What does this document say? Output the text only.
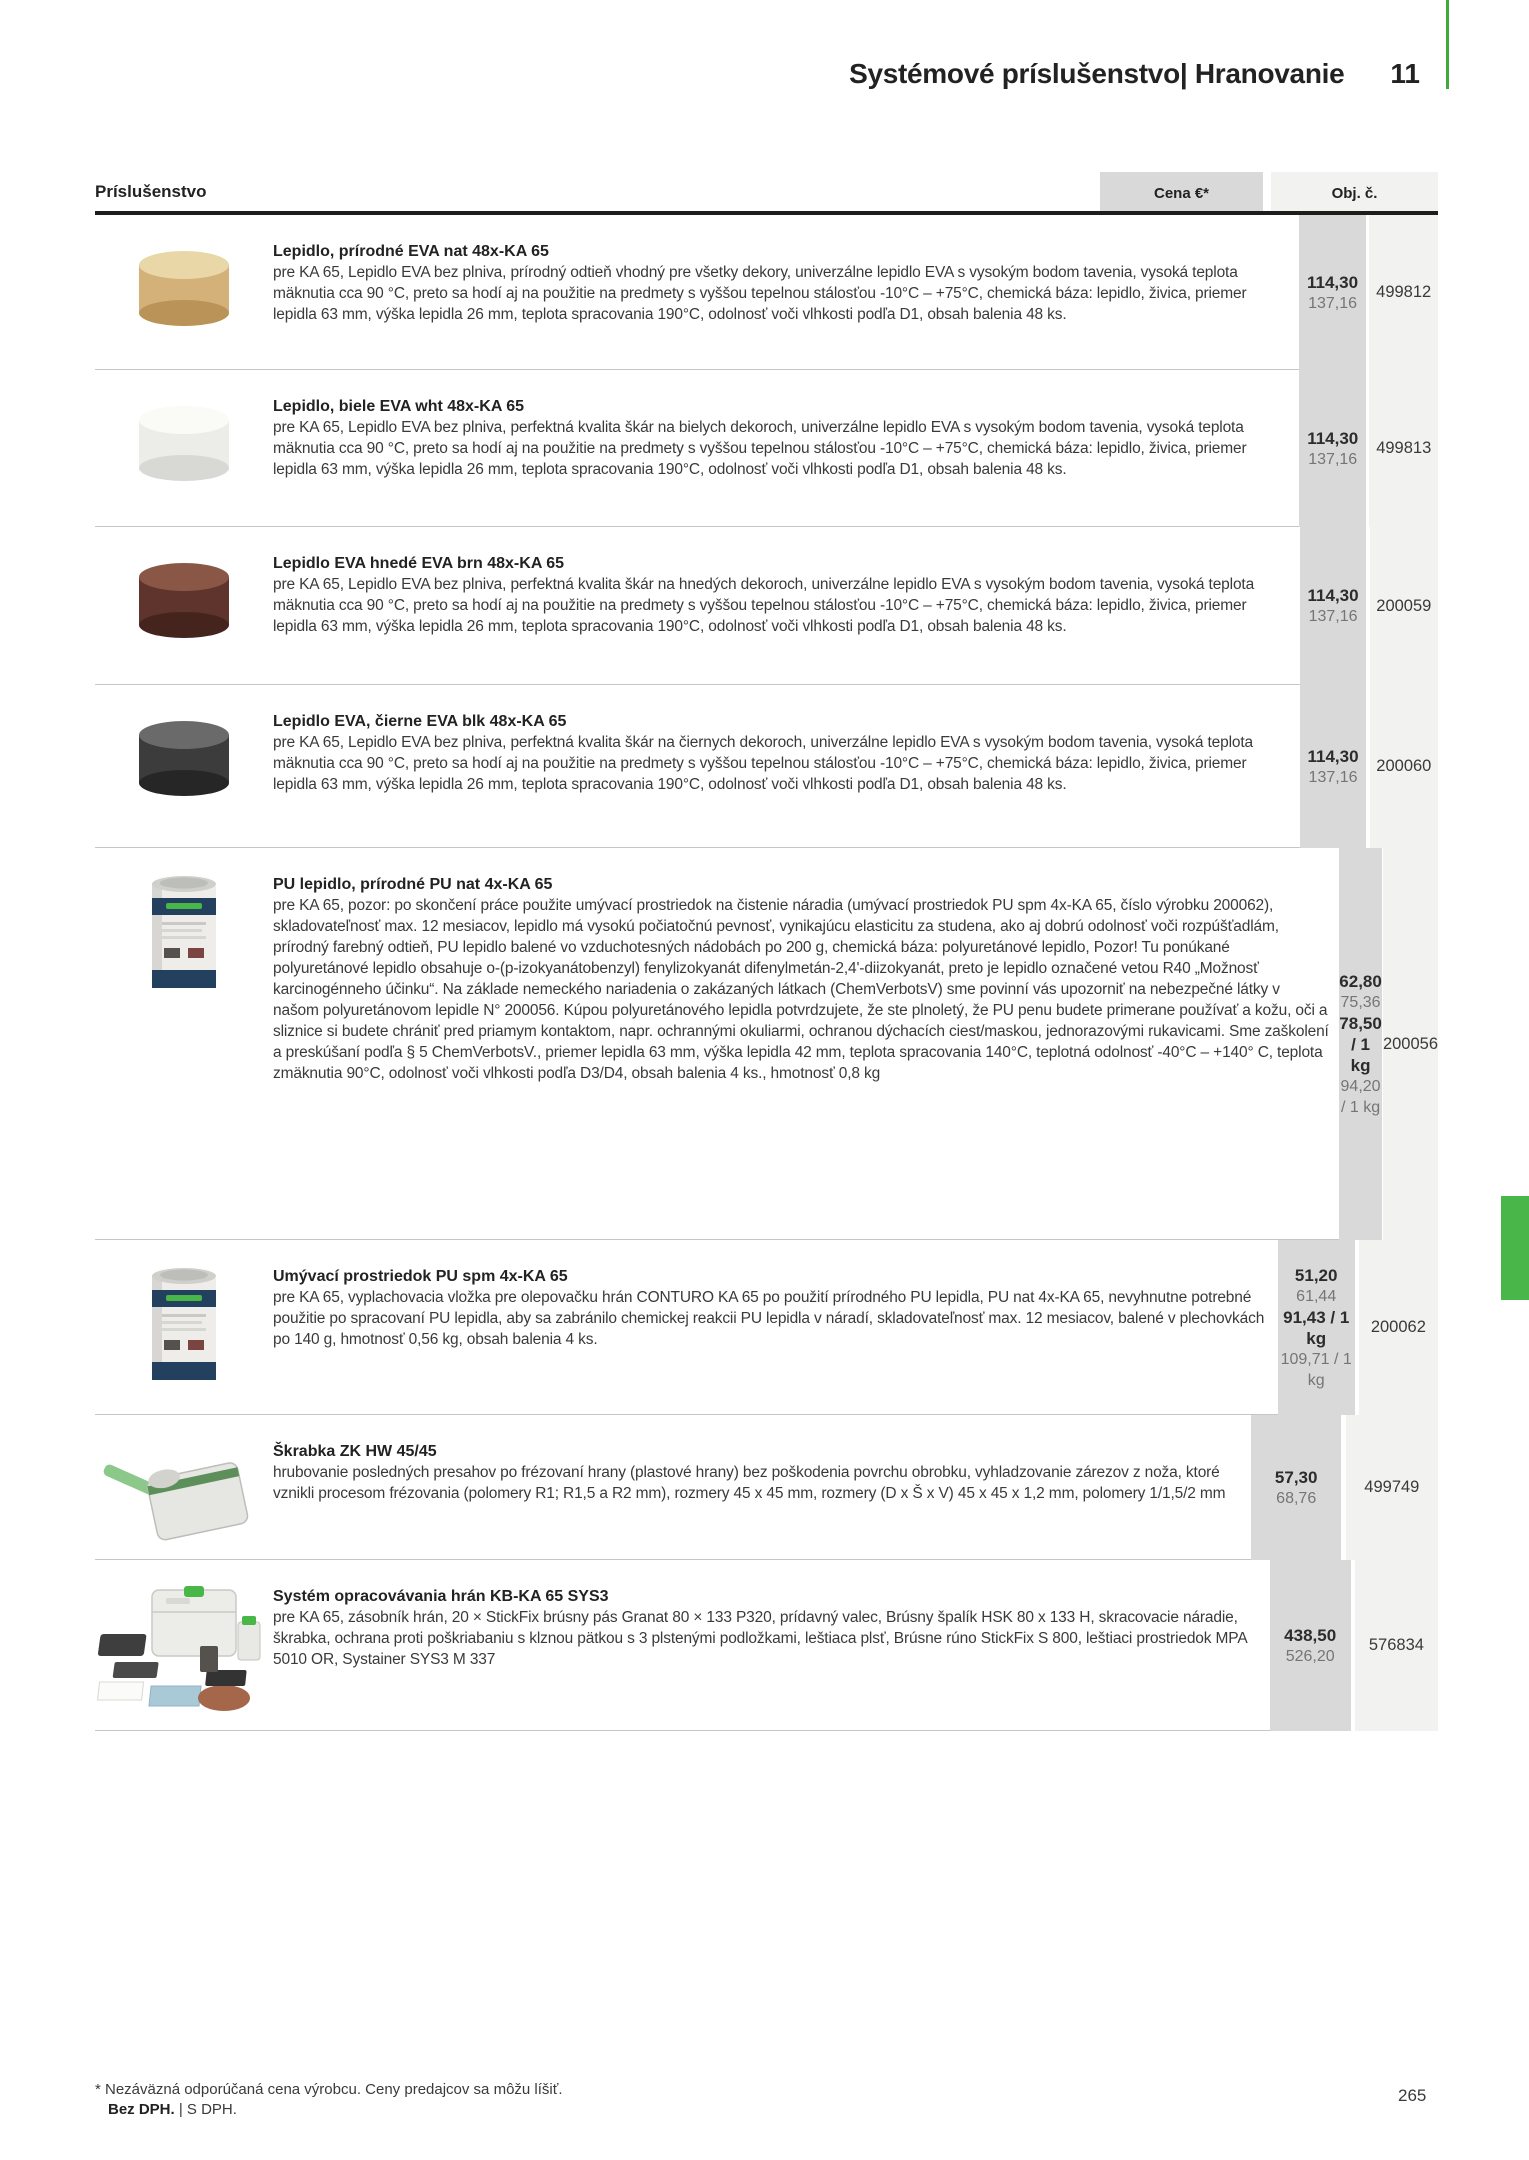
Systémové príslušenstvo| Hranovanie 11
Príslušenstvo	Cena €*	Obj. č.
Lepidlo, prírodné EVA nat 48x-KA 65
pre KA 65, Lepidlo EVA bez plniva, prírodný odtieň vhodný pre všetky dekory, univerzálne lepidlo EVA s vysokým bodom tavenia, vysoká teplota mäknutia cca 90 °C, preto sa hodí aj na použitie na predmety s vyššou tepelnou stálosťou -10°C – +75°C, chemická báza: lepidlo, živica, priemer lepidla 63 mm, výška lepidla 26 mm, teplota spracovania 190°C, odolnosť voči vlhkosti podľa D1, obsah balenia 48 ks.
114,30
137,16
499812
Lepidlo, biele EVA wht 48x-KA 65
pre KA 65, Lepidlo EVA bez plniva, perfektná kvalita škár na bielych dekoroch, univerzálne lepidlo EVA s vysokým bodom tavenia, vysoká teplota mäknutia cca 90 °C, preto sa hodí aj na použitie na predmety s vyššou tepelnou stálosťou -10°C – +75°C, chemická báza: lepidlo, živica, priemer lepidla 63 mm, výška lepidla 26 mm, teplota spracovania 190°C, odolnosť voči vlhkosti podľa D1, obsah balenia 48 ks.
114,30
137,16
499813
Lepidlo EVA hnedé EVA brn 48x-KA 65
pre KA 65, Lepidlo EVA bez plniva, perfektná kvalita škár na hnedých dekoroch, univerzálne lepidlo EVA s vysokým bodom tavenia, vysoká teplota mäknutia cca 90 °C, preto sa hodí aj na použitie na predmety s vyššou tepelnou stálosťou -10°C – +75°C, chemická báza: lepidlo, živica, priemer lepidla 63 mm, výška lepidla 26 mm, teplota spracovania 190°C, odolnosť voči vlhkosti podľa D1, obsah balenia 48 ks.
114,30
137,16
200059
Lepidlo EVA, čierne EVA blk 48x-KA 65
pre KA 65, Lepidlo EVA bez plniva, perfektná kvalita škár na čiernych dekoroch, univerzálne lepidlo EVA s vysokým bodom tavenia, vysoká teplota mäknutia cca 90 °C, preto sa hodí aj na použitie na predmety s vyššou tepelnou stálosťou -10°C – +75°C, chemická báza: lepidlo, živica, priemer lepidla 63 mm, výška lepidla 26 mm, teplota spracovania 190°C, odolnosť voči vlhkosti podľa D1, obsah balenia 48 ks.
114,30
137,16
200060
PU lepidlo, prírodné PU nat 4x-KA 65
pre KA 65, pozor: po skončení práce použite umývací prostriedok na čistenie náradia (umývací prostriedok PU spm 4x-KA 65, číslo výrobku 200062), skladovateľnosť max. 12 mesiacov, lepidlo má vysokú počiatočnú pevnosť, vynikajúcu elasticitu za studena, ako aj dobrú odolnosť voči rozpúšťadlám, prírodný farebný odtieň, PU lepidlo balené vo vzduchotesných nádobách po 200 g, chemická báza: polyuretánové lepidlo, Pozor! Tu ponúkané polyuretánové lepidlo obsahuje o-(p-izokyanátobenzyl) fenylizokyanát difenylmetán-2,4'-diizokyanát, preto je lepidlo označené vetou R40 „Možnosť karcinogénneho účinku“. Na základe nemeckého nariadenia o zakázaných látkach (ChemVerbotsV) sme povinní vás upozorniť na nebezpečné látky v našom polyuretánovom lepidle N° 200056. Kúpou polyuretánového lepidla potvrdzujete, že ste plnoletý, že PU penu budete primerane používať a kožu, oči a sliznice si budete chrániť pred priamym kontaktom, napr. ochrannými okuliarmi, ochranou dýchacích ciest/maskou, jednorazovými rukavicami. Sme zaškolení a preskúšaní podľa § 5 ChemVerbotsV., priemer lepidla 63 mm, výška lepidla 42 mm, teplota spracovania 140°C, teplotná odolnosť -40°C – +140° C, teplota zmäknutia 90°C, odolnosť voči vlhkosti podľa D3/D4, obsah balenia 4 ks., hmotnosť 0,8 kg
62,80
75,36
78,50 / 1 kg
94,20 / 1 kg
200056
Umývací prostriedok PU spm 4x-KA 65
pre KA 65, vyplachovacia vložka pre olepovačku hrán CONTURO KA 65 po použití prírodného PU lepidla, PU nat 4x-KA 65, nevyhnutne potrebné použitie po spracovaní PU lepidla, aby sa zabránilo chemickej reakcii PU lepidla v náradí, skladovateľnosť max. 12 mesiacov, balené v plechovkách po 140 g, hmotnosť 0,56 kg, obsah balenia 4 ks.
51,20
61,44
91,43 / 1 kg
109,71 / 1 kg
200062
Škrabka ZK HW 45/45
hrubovanie posledných presahov po frézovaní hrany (plastové hrany) bez poškodenia povrchu obrobku, vyhladzovanie zárezov z noža, ktoré vznikli procesom frézovania (polomery R1; R1,5 a R2 mm), rozmery 45 x 45 mm, rozmery (D x Š x V) 45 x 45 x 1,2 mm, polomery 1/1,5/2 mm
57,30
68,76
499749
Systém opracovávania hrán KB-KA 65 SYS3
pre KA 65, zásobník hrán, 20 × StickFix brúsny pás Granat 80 × 133 P320, prídavný valec, Brúsny špalík HSK 80 x 133 H, skracovacie náradie, škrabka, ochrana proti poškriabaniu s klznou pätkou s 3 plstenými podložkami, leštiaca plsť, Brúsne rúno StickFix S 800, leštiaci prostriedok MPA 5010 OR, Systainer SYS3 M 337
438,50
526,20
576834
* Nezáväzná odporúčaná cena výrobcu. Ceny predajcov sa môžu líšiť.
Bez DPH. | S DPH.
265
